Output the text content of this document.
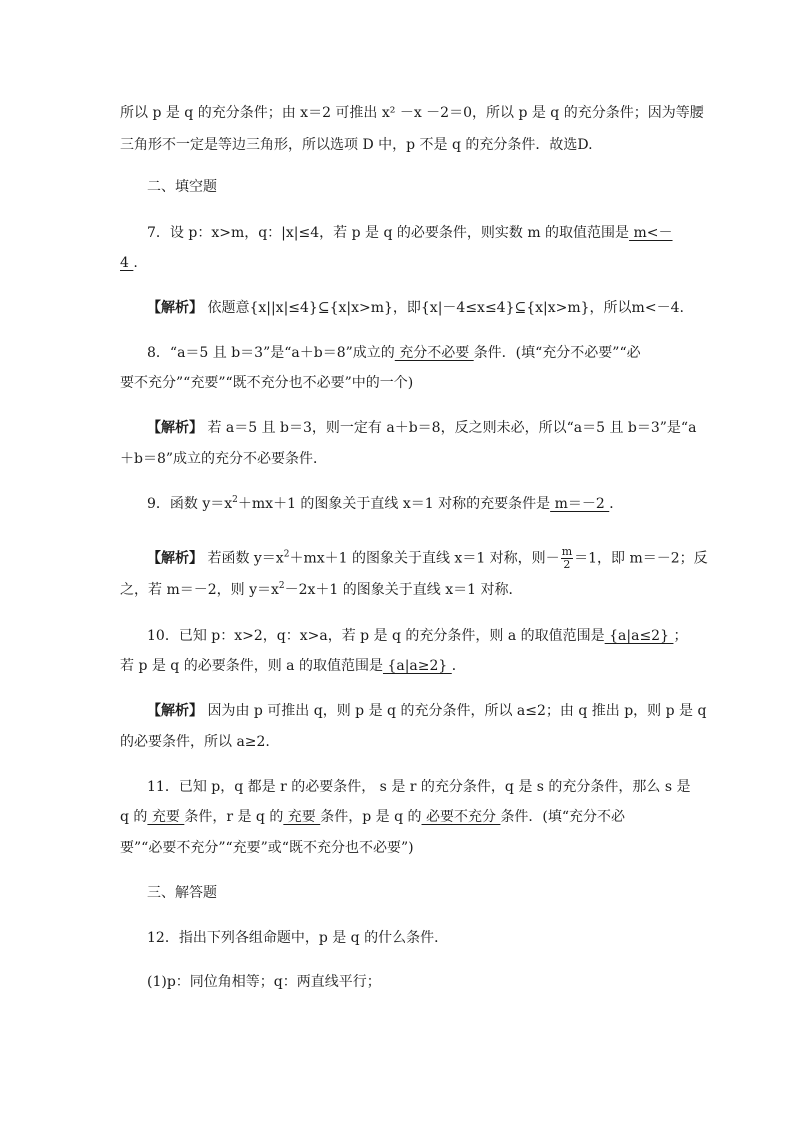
所以 p 是 q 的充分条件；由 x＝2 可推出 x² －x －2＝0，所以 p 是 q 的充分条件；因为等腰
三角形不一定是等边三角形，所以选项 D 中，p 不是 q 的充分条件．故选D.
二、填空题
7．设 p：x>m，q：|x|≤4，若 p 是 q 的必要条件，则实数 m 的取值范围是 m<－
4 .
【解析】 依题意{x||x|≤4}⊆{x|x>m}，即{x|－4≤x≤4}⊆{x|x>m}，所以m<－4.
8．“a＝5 且 b＝3”是“a＋b＝8”成立的 充分不必要 条件．(填“充分不必要”“必
要不充分”“充要”“既不充分也不必要”中的一个)
【解析】 若 a＝5 且 b＝3，则一定有 a＋b＝8，反之则未必，所以“a＝5 且 b＝3”是“a
＋b＝8”成立的充分不必要条件．
9．函数 $y=x^2+mx+1$ 的图象关于直线 x＝1 对称的充要条件是 m＝－2 ．
【解析】 若函数 $y=x^2+mx+1$ 的图象关于直线 x＝1 对称，则－ $\frac{m}{2} =1$，即 m＝－2；反
之，若 m＝－2，则 $y=x^2-2x+1$ 的图象关于直线 x＝1 对称．
10．已知 p：x>2，q：x>a，若 p 是 q 的充分条件，则 a 的取值范围是 {a|a≤2} ；
若 p 是 q 的必要条件，则 a 的取值范围是 {a|a≥2} ．
【解析】 因为由 p 可推出 q，则 p 是 q 的充分条件，所以 a≤2；由 q 推出 p，则 p 是 q
的必要条件，所以 a≥2.
11．已知 p，q 都是 r 的必要条件， s 是 r 的充分条件，q 是 s 的充分条件，那么 s 是
q 的 充要 条件，r 是 q 的 充要 条件，p 是 q 的 必要不充分 条件．(填“充分不必
要”“必要不充分”“充要”或“既不充分也不必要”)
三、解答题
12．指出下列各组命题中，p 是 q 的什么条件．
(1)p：同位角相等；q：两直线平行；
